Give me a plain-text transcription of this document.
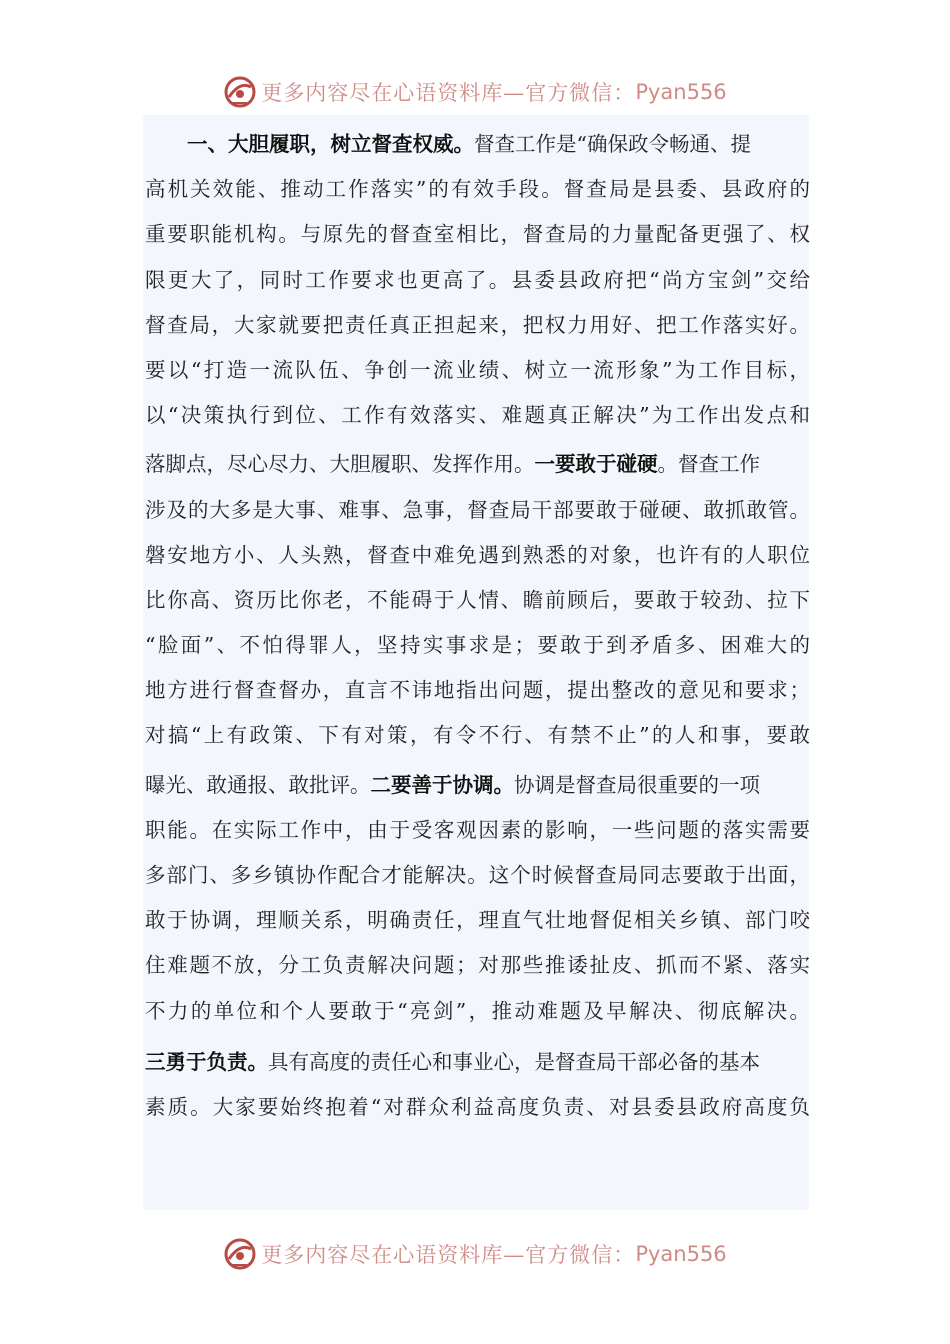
更多内容尽在心语资料库—官方微信： Pyan556
一、大胆履职，树立督查权威。 督查工作是“确保政令畅通、提
高机关效能、推动工作落实”的有效手段。督查局是县委、县政府的
重要职能机构。与原先的督查室相比，督查局的力量配备更强了、权
限更大了，同时工作要求也更高了。县委县政府把“尚方宝剑”交给
督查局，大家就要把责任真正担起来，把权力用好、把工作落实好。
要以“打造一流队伍、争创一流业绩、树立一流形象”为工作目标，
以“决策执行到位、工作有效落实、难题真正解决”为工作出发点和
落脚点，尽心尽力、大胆履职、发挥作用。 一要敢于碰硬 。督查工作
涉及的大多是大事、难事、急事，督查局干部要敢于碰硬、敢抓敢管。
磐安地方小、人头熟，督查中难免遇到熟悉的对象，也许有的人职位
比你高、资历比你老，不能碍于人情、瞻前顾后，要敢于较劲、拉下
“脸面”、不怕得罪人，坚持实事求是；要敢于到矛盾多、困难大的
地方进行督查督办，直言不讳地指出问题，提出整改的意见和要求；
对搞“上有政策、下有对策，有令不行、有禁不止”的人和事，要敢
曝光、敢通报、敢批评。 二要善于协调。 协调是督查局很重要的一项
职能。在实际工作中，由于受客观因素的影响，一些问题的落实需要
多部门、多乡镇协作配合才能解决。这个时候督查局同志要敢于出面，
敢于协调，理顺关系，明确责任，理直气壮地督促相关乡镇、部门咬
住难题不放，分工负责解决问题；对那些推诿扯皮、抓而不紧、落实
不力的单位和个人要敢于“亮剑”，推动难题及早解决、彻底解决。
三勇于负责。 具有高度的责任心和事业心，是督查局干部必备的基本
素质。大家要始终抱着“对群众利益高度负责、对县委县政府高度负
更多内容尽在心语资料库—官方微信： Pyan556
